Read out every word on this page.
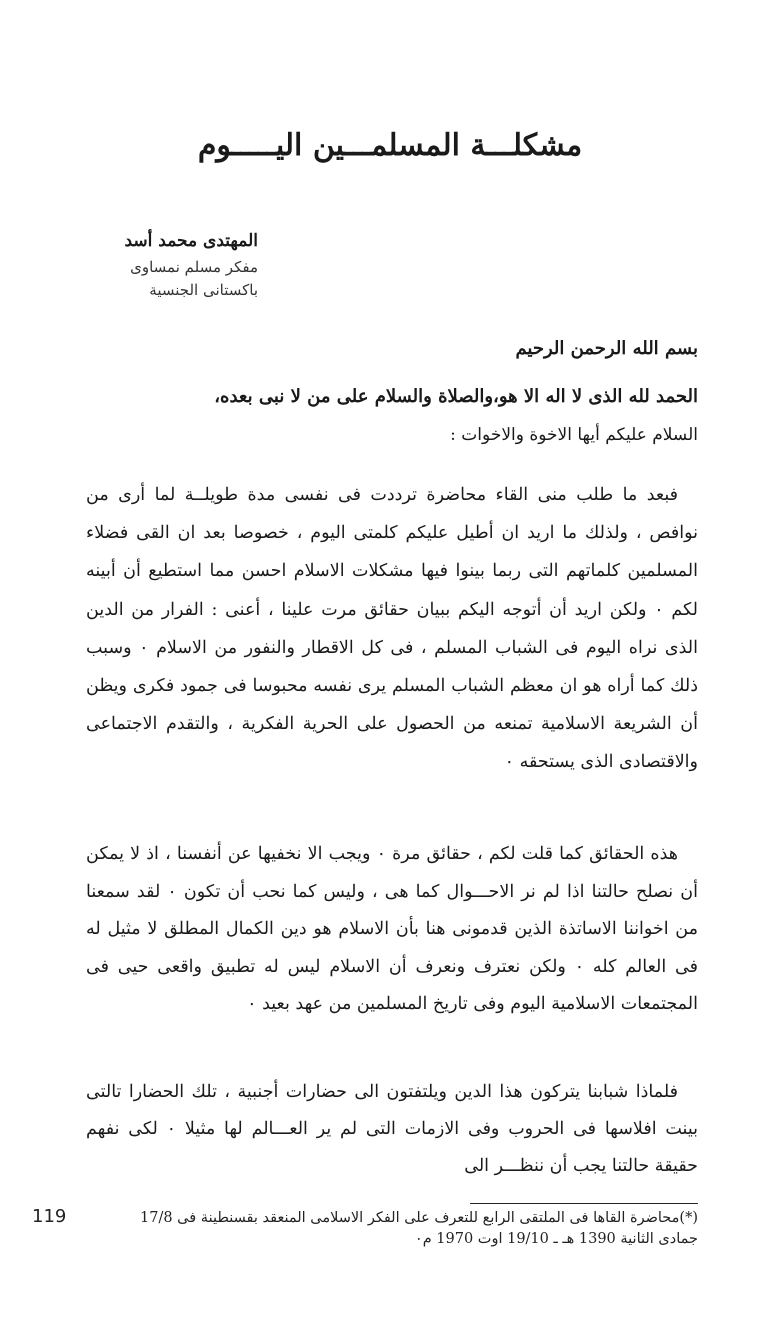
مشكلـــة المسلمـــين اليـــــوم
المهتدى محمد أسد
مفكر مسلم نمساوى
باكستانى الجنسية
بسم الله الرحمن الرحيم
الحمد لله الذى لا اله الا هو،والصلاة والسلام على من لا نبى بعده،
السلام عليكم أيها الاخوة والاخوات :
فبعد ما طلب منى القاء محاضرة ترددت فى نفسى مدة طويلــة لما أرى من نوافص ، ولذلك ما اريد ان أطيل عليكم كلمتى اليوم ، خصوصا بعد ان القى فضلاء المسلمين كلماتهم التى ربما بينوا فيها مشكلات الاسلام احسن مما استطيع أن أبينه لكم ٠ ولكن اريد أن أتوجه اليكم ببيان حقائق مرت علينا ، أعنى : الفرار من الدين الذى نراه اليوم فى الشباب المسلم ، فى كل الاقطار والنفور من الاسلام ٠ وسبب ذلك كما أراه هو ان معظم الشباب المسلم يرى نفسه محبوسا فى جمود فكرى ويظن أن الشريعة الاسلامية تمنعه من الحصول على الحرية الفكرية ، والتقدم الاجتماعى والاقتصادى الذى يستحقه ٠
هذه الحقائق كما قلت لكم ، حقائق مرة ٠ ويجب الا نخفيها عن أنفسنا ، اذ لا يمكن أن نصلح حالتنا اذا لم نر الاحـــوال كما هى ، وليس كما نحب أن تكون ٠ لقد سمعنا من اخواننا الاساتذة الذين قدمونى هنا بأن الاسلام هو دين الكمال المطلق لا مثيل له فى العالم كله ٠ ولكن نعترف ونعرف أن الاسلام ليس له تطبيق واقعى حيى فى المجتمعات الاسلامية اليوم وفى تاريخ المسلمين من عهد بعيد ٠
فلماذا شبابنا يتركون هذا الدين ويلتفتون الى حضارات أجنبية ، تلك الحضارا تالتى بينت افلاسها فى الحروب وفى الازمات التى لم ير العـــالم لها مثيلا ٠ لكى نفهم حقيقة حالتنا يجب أن ننظـــر الى
(*)محاضرة القاها فى الملتقى الرابع للتعرف على الفكر الاسلامى المنعقد بقسنطينة فى 17/8 جمادى الثانية 1390 هـ ـ 19/10 اوت 1970 م٠
119
